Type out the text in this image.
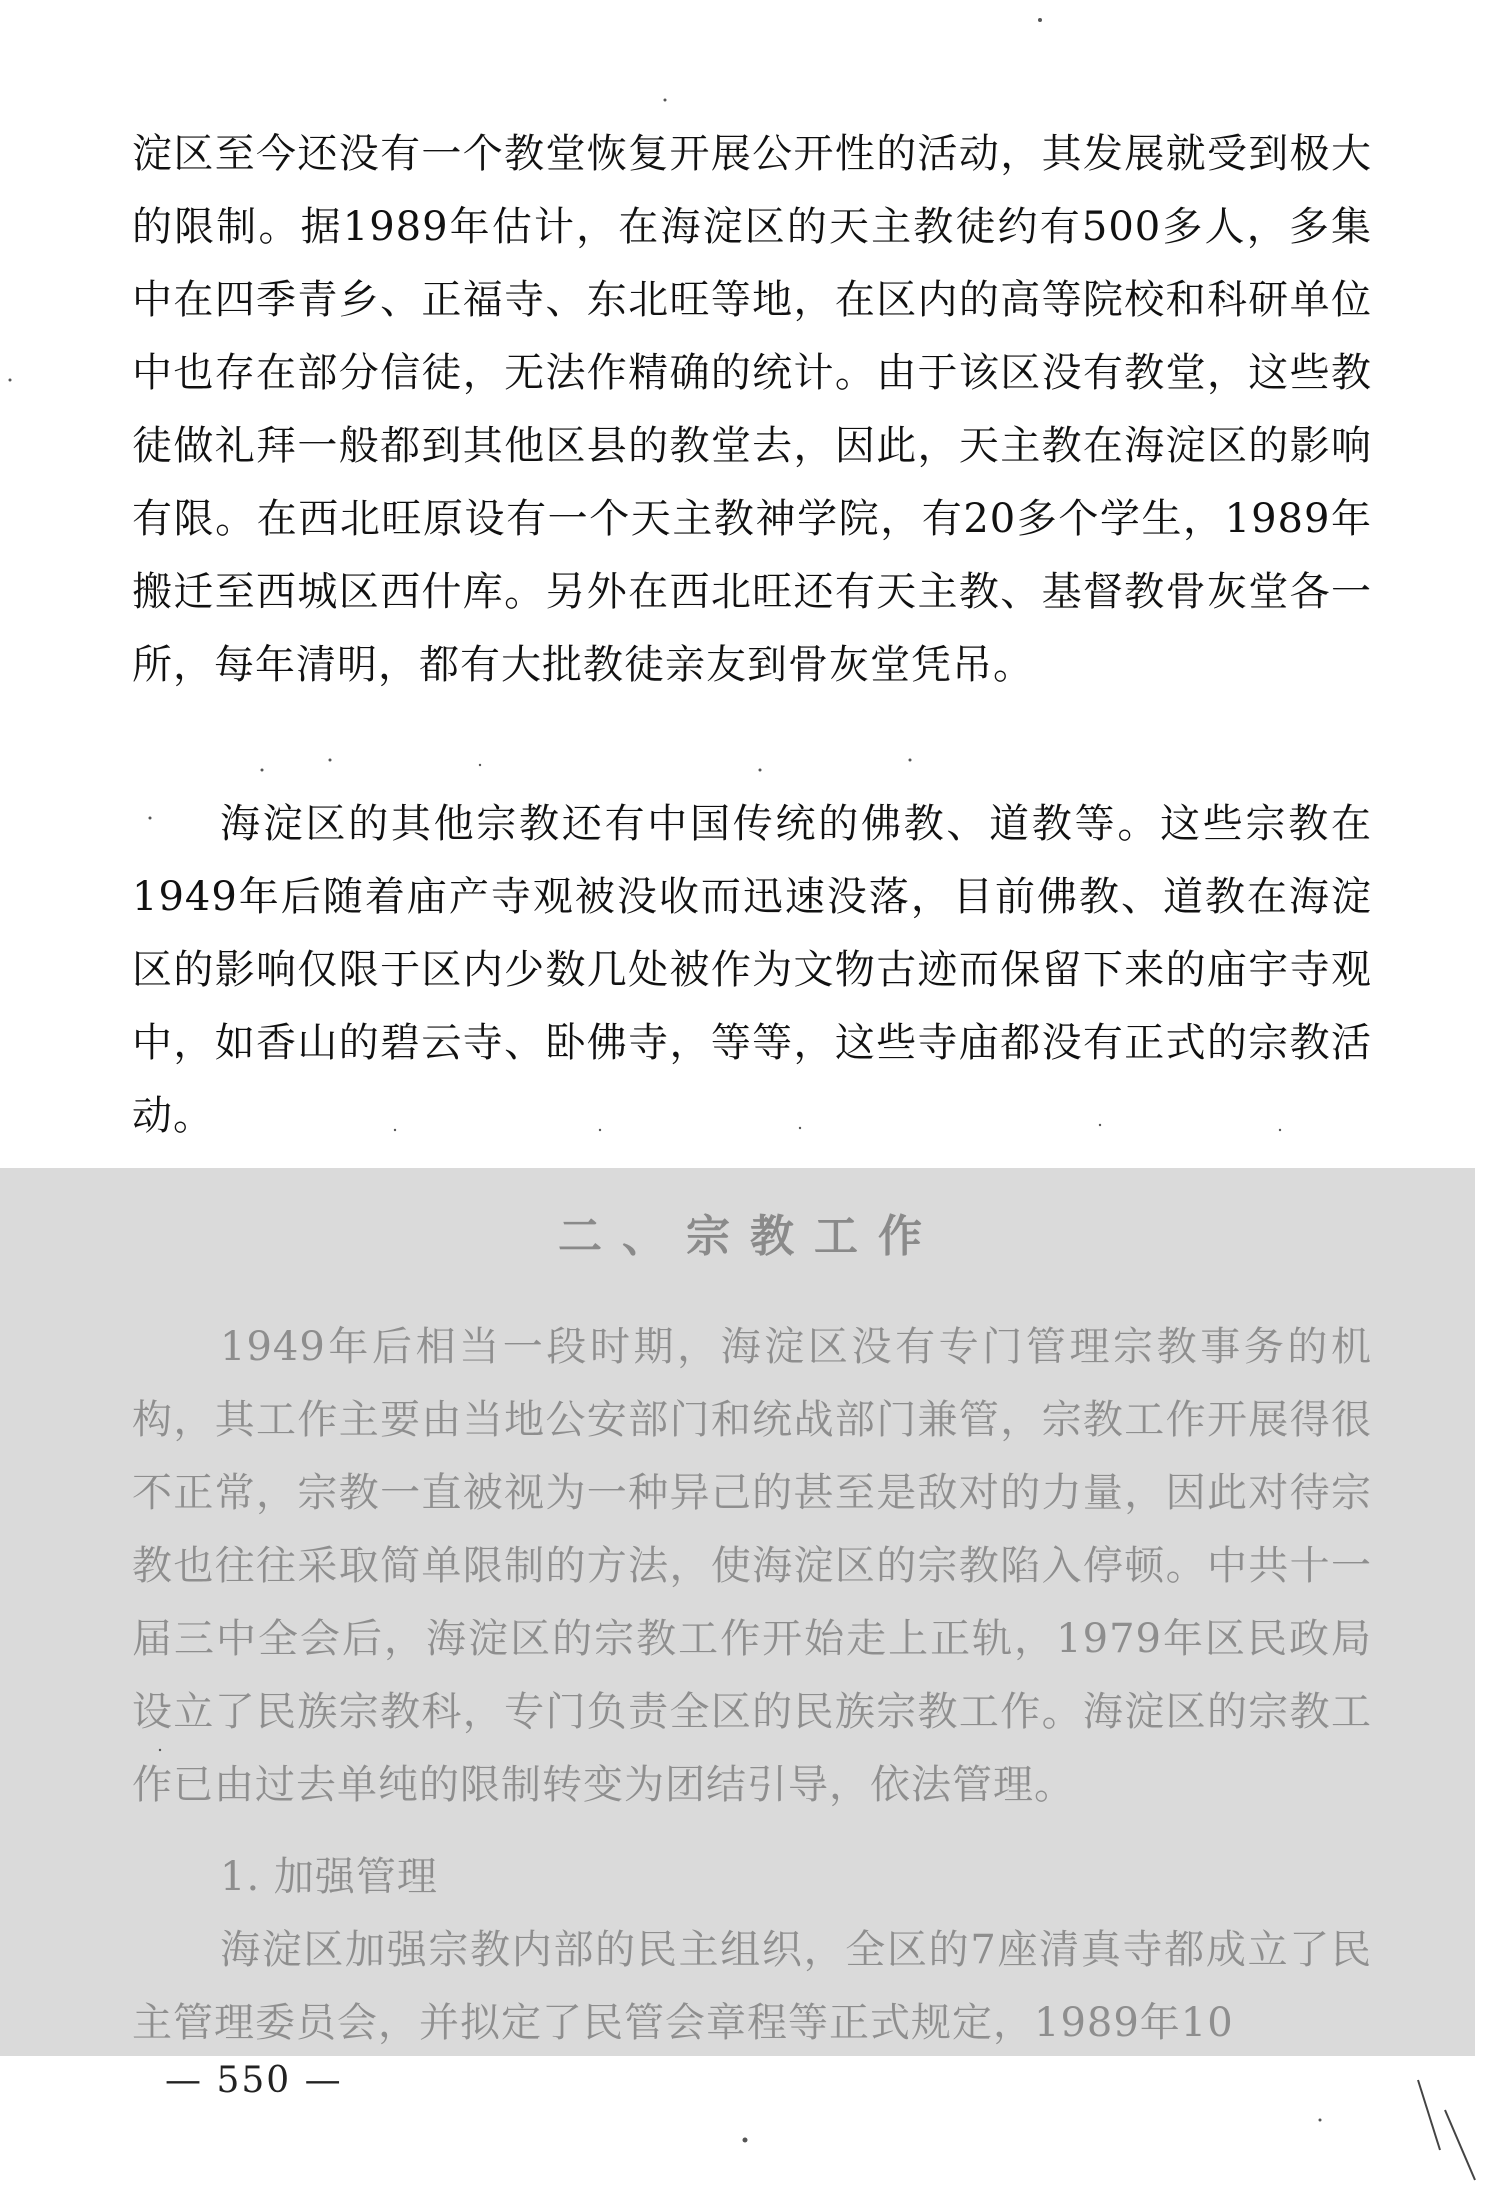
淀区至今还没有一个教堂恢复开展公开性的活动，其发展就受到极大的限制。据1989年估计，在海淀区的天主教徒约有500多人，多集中在四季青乡、正福寺、东北旺等地，在区内的高等院校和科研单位中也存在部分信徒，无法作精确的统计。由于该区没有教堂，这些教徒做礼拜一般都到其他区县的教堂去，因此，天主教在海淀区的影响有限。在西北旺原设有一个天主教神学院，有20多个学生，1989年搬迁至西城区西什库。另外在西北旺还有天主教、基督教骨灰堂各一所，每年清明，都有大批教徒亲友到骨灰堂凭吊。

海淀区的其他宗教还有中国传统的佛教、道教等。这些宗教在1949年后随着庙产寺观被没收而迅速没落，目前佛教、道教在海淀区的影响仅限于区内少数几处被作为文物古迹而保留下来的庙宇寺观中，如香山的碧云寺、卧佛寺，等等，这些寺庙都没有正式的宗教活动。

二、宗教工作

1949年后相当一段时期，海淀区没有专门管理宗教事务的机构，其工作主要由当地公安部门和统战部门兼管，宗教工作开展得很不正常，宗教一直被视为一种异己的甚至是敌对的力量，因此对待宗教也往往采取简单限制的方法，使海淀区的宗教陷入停顿。中共十一届三中全会后，海淀区的宗教工作开始走上正轨，1979年区民政局设立了民族宗教科，专门负责全区的民族宗教工作。海淀区的宗教工作已由过去单纯的限制转变为团结引导，依法管理。

1. 加强管理

海淀区加强宗教内部的民主组织，全区的7座清真寺都成立了民主管理委员会，并拟定了民管会章程等正式规定，1989年10

— 550 —
